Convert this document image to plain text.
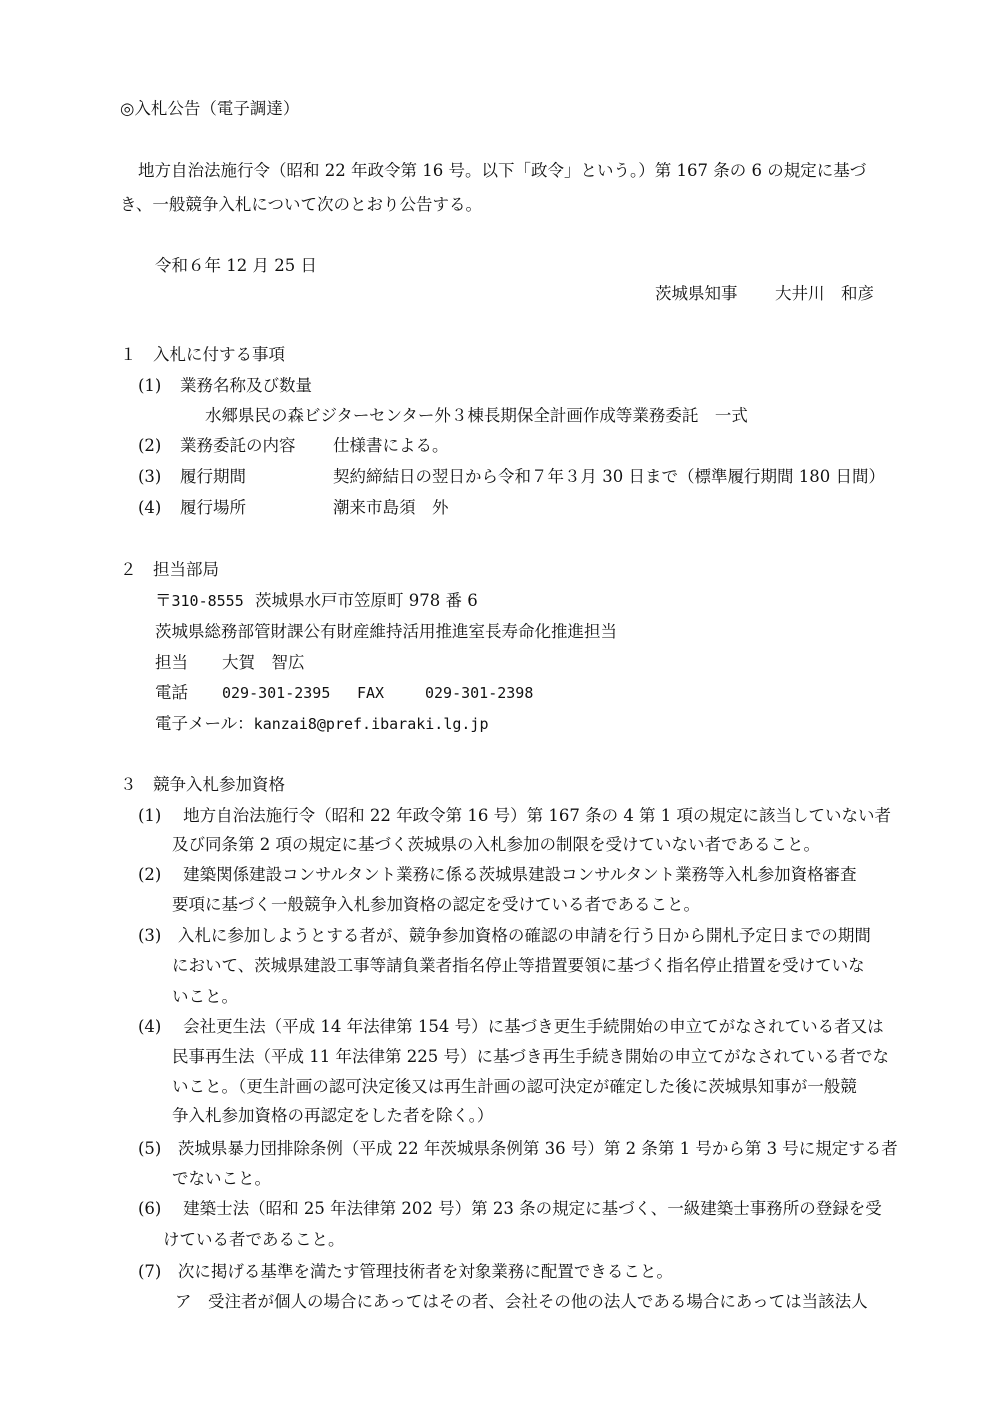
◎入札公告（電子調達）
地方自治法施行令（昭和 22 年政令第 16 号。以下「政令」という。）第 167 条の 6 の規定に基づ
き、一般競争入札について次のとおり公告する。
令和６年 12 月 25 日
茨城県知事 大井川　和彦
１　入札に付する事項
(1) 業務名称及び数量
水郷県民の森ビジターセンター外３棟長期保全計画作成等業務委託　一式
(2) 業務委託の内容 仕様書による。
(3) 履行期間	契約締結日の翌日から令和７年３月 30 日まで（標準履行期間 180 日間）
(4) 履行場所	潮来市島須　外
２　担当部局
〒310-8555 茨城県水戸市笠原町 978 番 6
茨城県総務部管財課公有財産維持活用推進室長寿命化推進担当
担当 大賀　智広
電話 029-301-2395 FAX	029-301-2398
電子メール：kanzai8@pref.ibaraki.lg.jp
３　競争入札参加資格
(1)　 地方自治法施行令（昭和 22 年政令第 16 号）第 167 条の 4 第 1 項の規定に該当していない者
及び同条第 2 項の規定に基づく茨城県の入札参加の制限を受けていない者であること。
(2)　 建築関係建設コンサルタント業務に係る茨城県建設コンサルタント業務等入札参加資格審査
要項に基づく一般競争入札参加資格の認定を受けている者であること。
(3)　入札に参加しようとする者が、競争参加資格の確認の申請を行う日から開札予定日までの期間
において、茨城県建設工事等請負業者指名停止等措置要領に基づく指名停止措置を受けていな
いこと。
(4)　 会社更生法（平成 14 年法律第 154 号）に基づき更生手続開始の申立てがなされている者又は
民事再生法（平成 11 年法律第 225 号）に基づき再生手続き開始の申立てがなされている者でな
いこと。（更生計画の認可決定後又は再生計画の認可決定が確定した後に茨城県知事が一般競
争入札参加資格の再認定をした者を除く。）
(5)　茨城県暴力団排除条例（平成 22 年茨城県条例第 36 号）第 2 条第 1 号から第 3 号に規定する者
でないこと。
(6)　 建築士法（昭和 25 年法律第 202 号）第 23 条の規定に基づく、一級建築士事務所の登録を受
けている者であること。
(7)　次に掲げる基準を満たす管理技術者を対象業務に配置できること。
ア　受注者が個人の場合にあってはその者、会社その他の法人である場合にあっては当該法人
